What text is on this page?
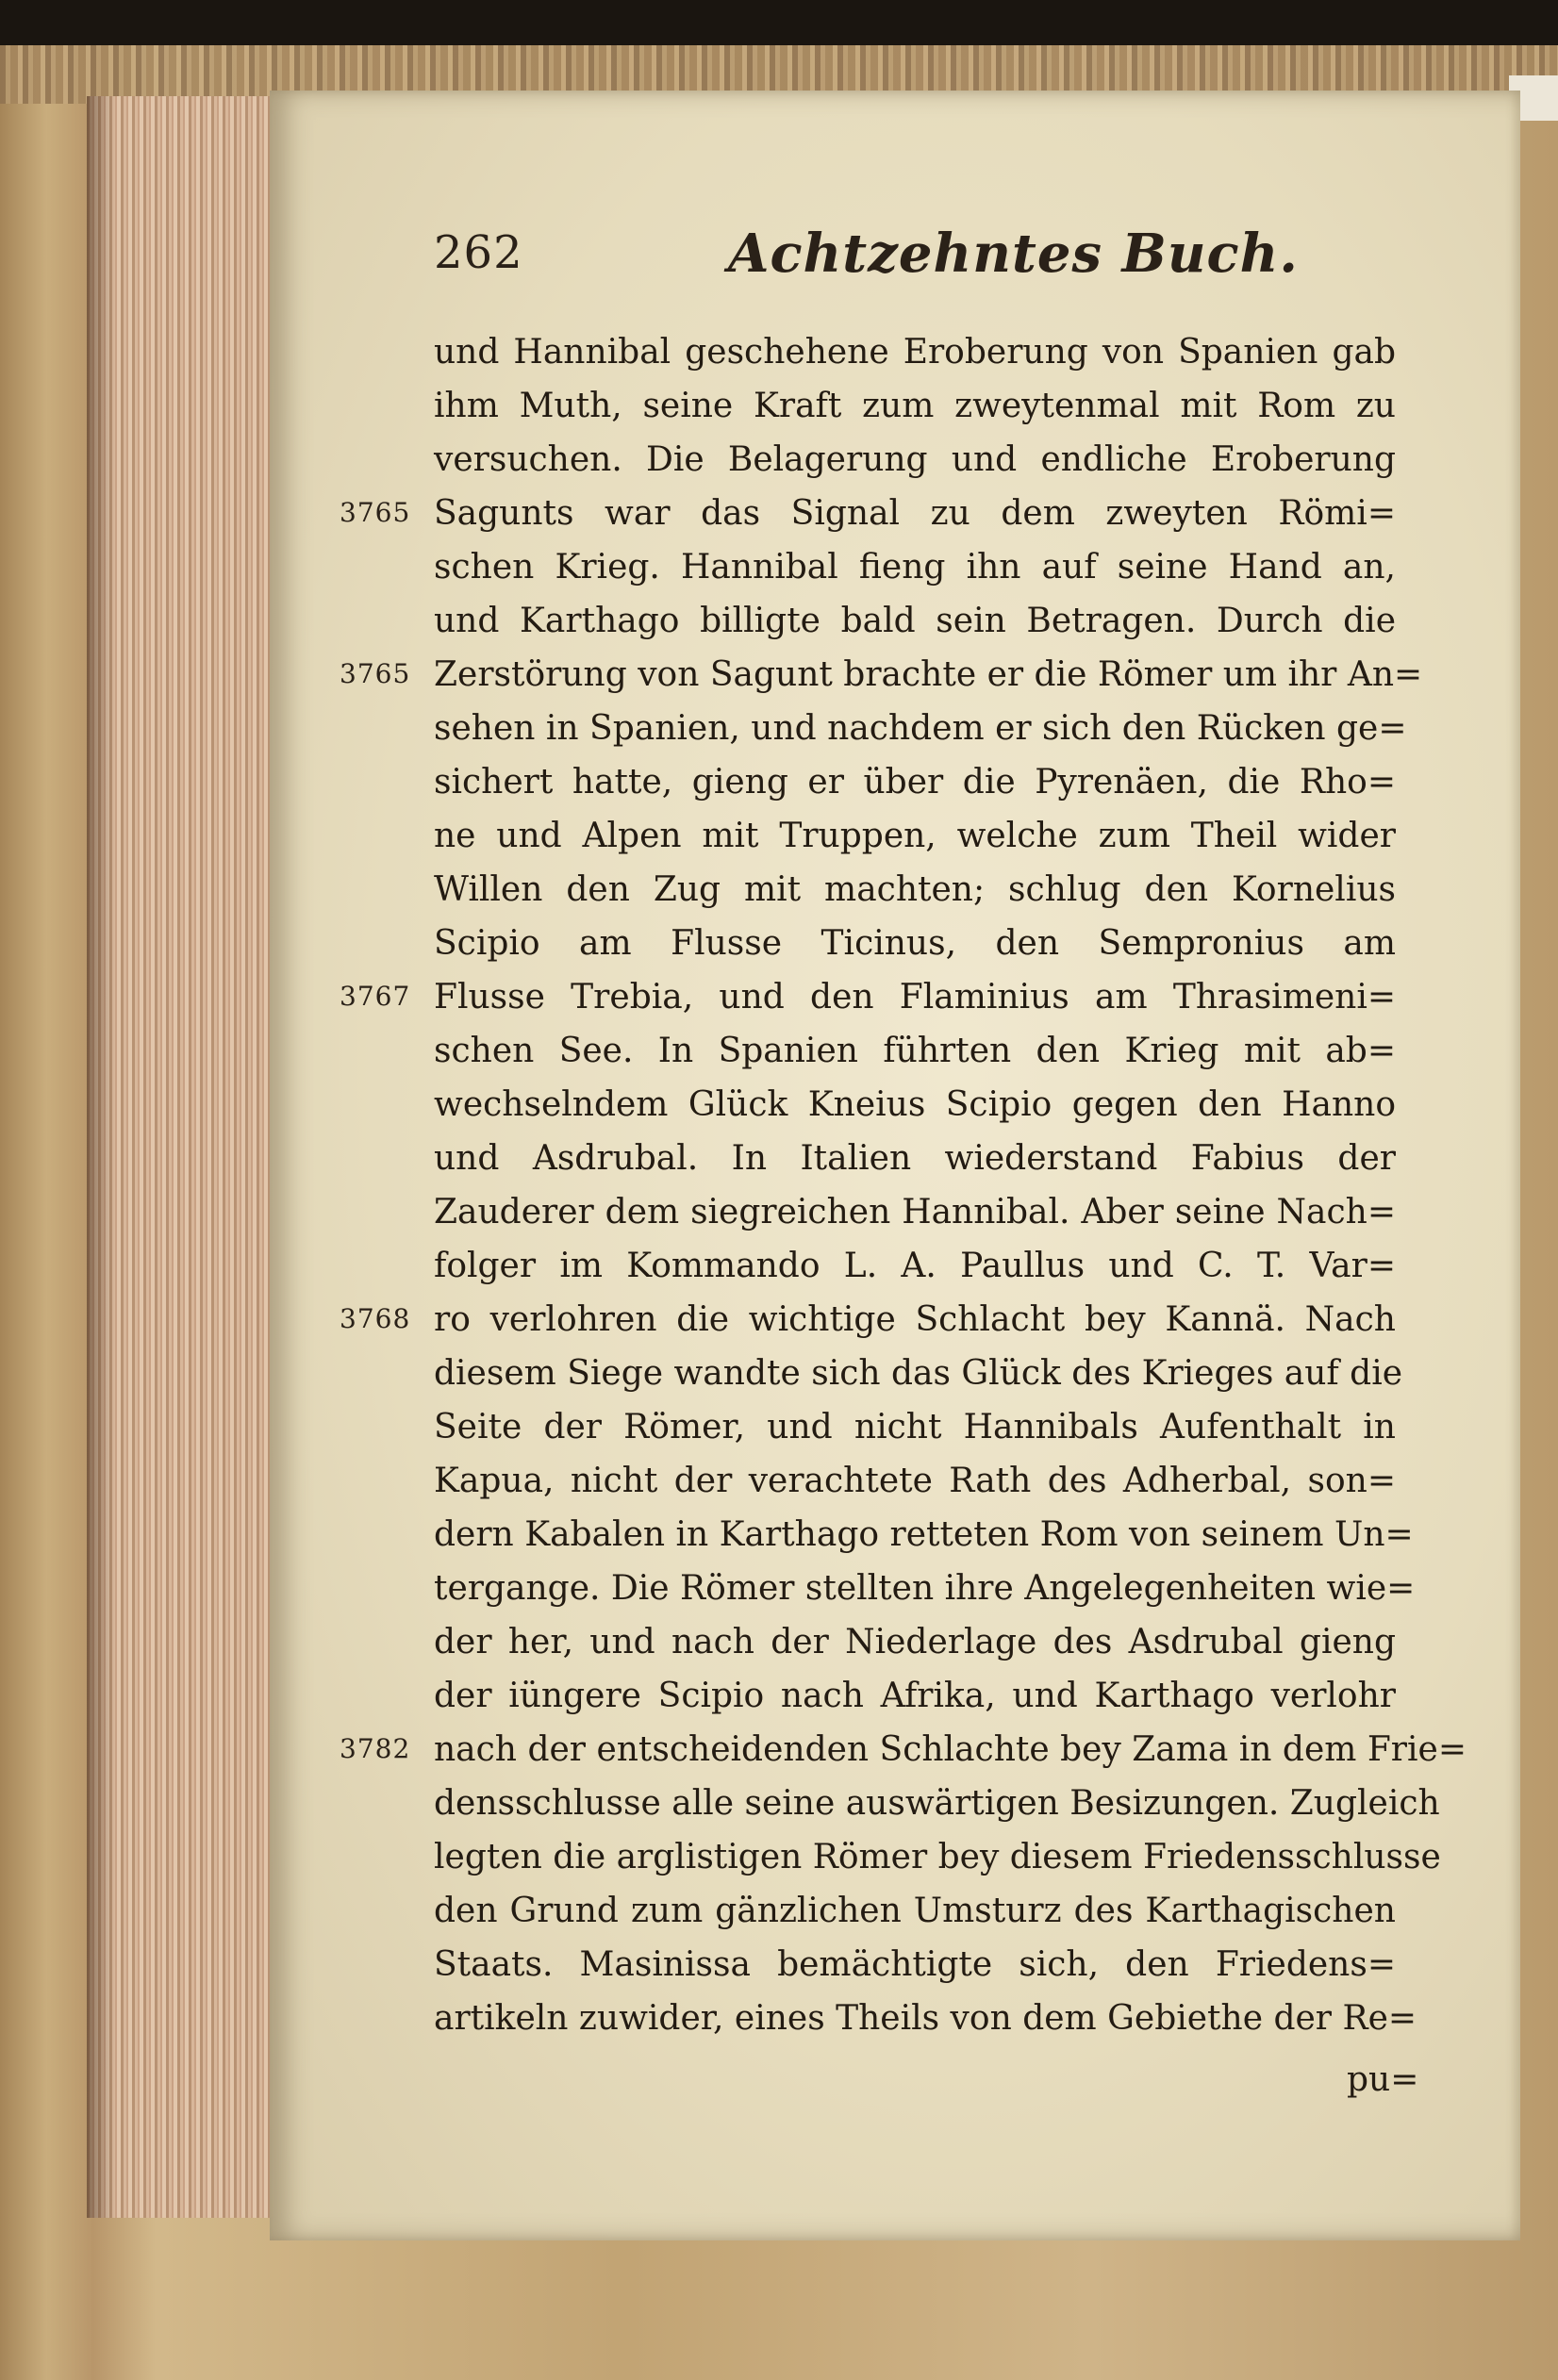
262	Achtzehntes Buch.
3765
3765
3767
3768
3782
und Hannibal geschehene Eroberung von Spanien gab
ihm Muth, seine Kraft zum zweytenmal mit Rom zu
versuchen. Die Belagerung und endliche Eroberung
Sagunts war das Signal zu dem zweyten Römi=
schen Krieg. Hannibal fieng ihn auf seine Hand an,
und Karthago billigte bald sein Betragen. Durch die
Zerstörung von Sagunt brachte er die Römer um ihr An=
sehen in Spanien, und nachdem er sich den Rücken ge=
sichert hatte, gieng er über die Pyrenäen, die Rho=
ne und Alpen mit Truppen, welche zum Theil wider
Willen den Zug mit machten; schlug den Kornelius
Scipio am Flusse Ticinus, den Sempronius am
Flusse Trebia, und den Flaminius am Thrasimeni=
schen See. In Spanien führten den Krieg mit ab=
wechselndem Glück Kneius Scipio gegen den Hanno
und Asdrubal. In Italien wiederstand Fabius der
Zauderer dem siegreichen Hannibal. Aber seine Nach=
folger im Kommando L. A. Paullus und C. T. Var=
ro verlohren die wichtige Schlacht bey Kannä. Nach
diesem Siege wandte sich das Glück des Krieges auf die
Seite der Römer, und nicht Hannibals Aufenthalt in
Kapua, nicht der verachtete Rath des Adherbal, son=
dern Kabalen in Karthago retteten Rom von seinem Un=
tergange. Die Römer stellten ihre Angelegenheiten wie=
der her, und nach der Niederlage des Asdrubal gieng
der iüngere Scipio nach Afrika, und Karthago verlohr
nach der entscheidenden Schlachte bey Zama in dem Frie=
densschlusse alle seine auswärtigen Besizungen. Zugleich
legten die arglistigen Römer bey diesem Friedensschlusse
den Grund zum gänzlichen Umsturz des Karthagischen
Staats. Masinissa bemächtigte sich, den Friedens=
artikeln zuwider, eines Theils von dem Gebiethe der Re=
pu=
